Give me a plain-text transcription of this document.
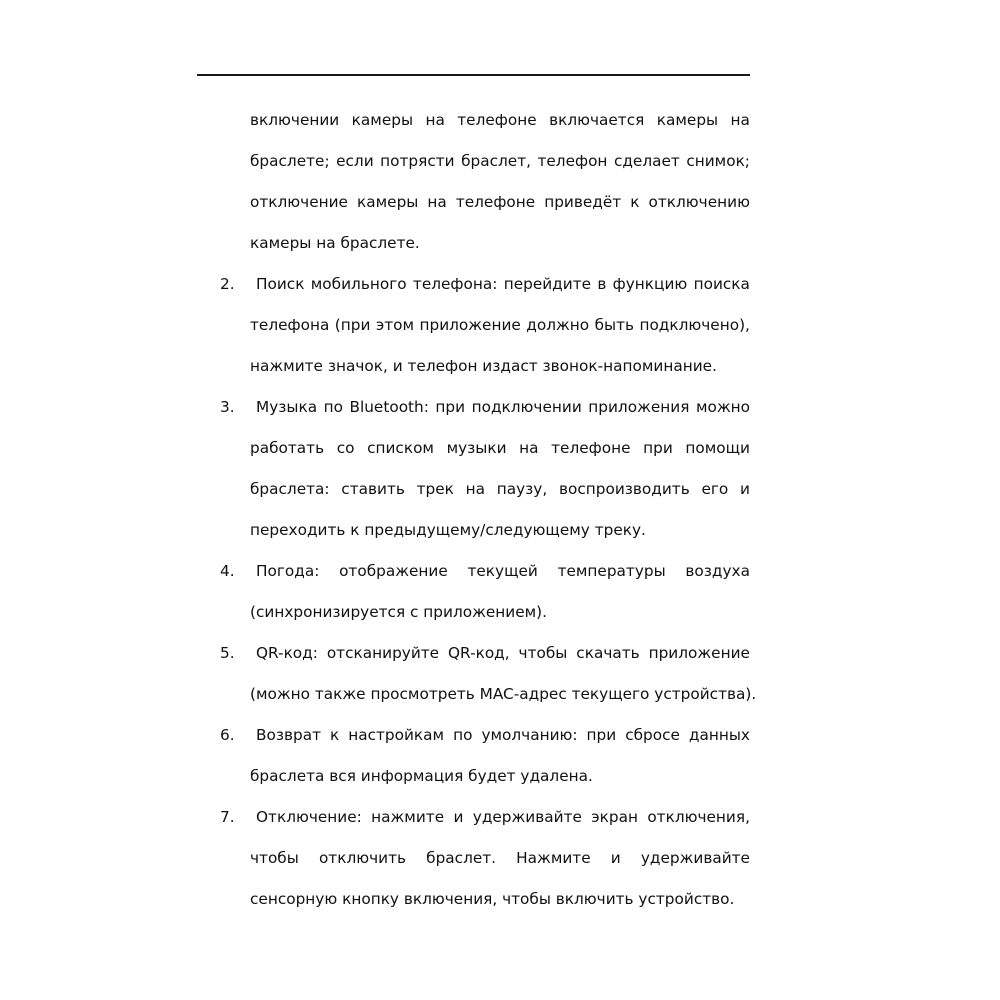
включении камеры на телефоне включается камеры на
браслете; если потрясти браслет, телефон сделает снимок;
отключение камеры на телефоне приведёт к отключению
камеры на браслете.
2.	Поиск мобильного телефона: перейдите в функцию поиска
телефона (при этом приложение должно быть подключено),
нажмите значок, и телефон издаст звонок-напоминание.
3.	Музыка по Bluetooth: при подключении приложения можно
работать со списком музыки на телефоне при помощи
браслета: ставить трек на паузу, воспроизводить его и
переходить к предыдущему/следующему треку.
4.	Погода: отображение текущей температуры воздуха
(синхронизируется с приложением).
5.	QR-код: отсканируйте QR-код, чтобы скачать приложение
(можно также просмотреть MAC-адрес текущего устройства).
6.	Возврат к настройкам по умолчанию: при сбросе данных
браслета вся информация будет удалена.
7.	Отключение: нажмите и удерживайте экран отключения,
чтобы отключить браслет. Нажмите и удерживайте
сенсорную кнопку включения, чтобы включить устройство.
